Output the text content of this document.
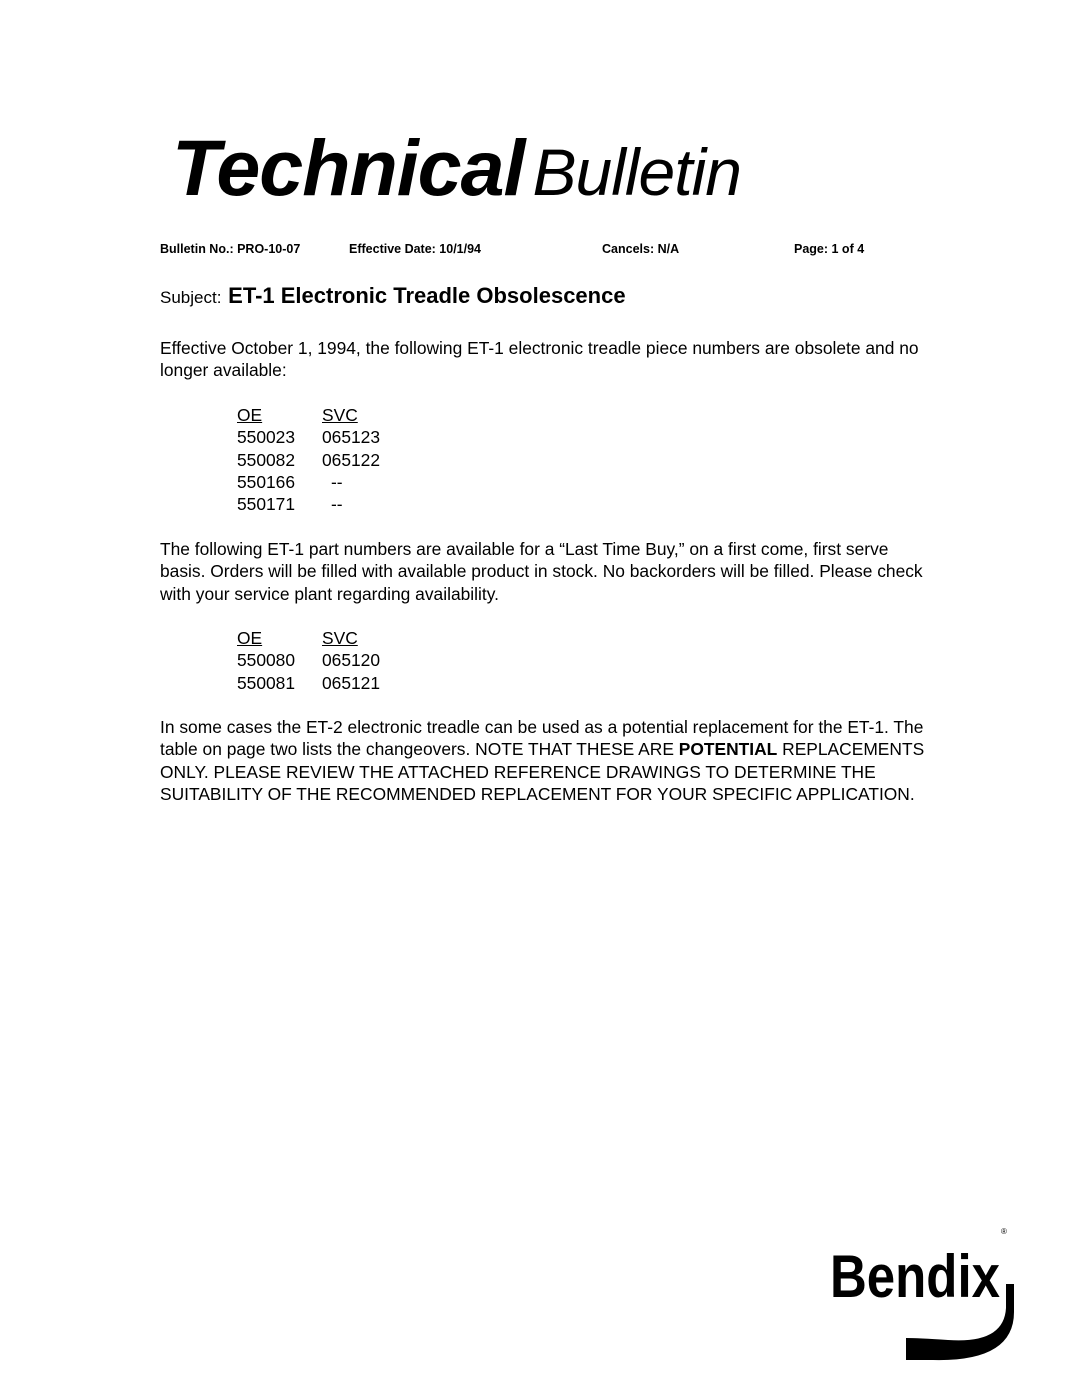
Technical Bulletin
Bulletin No.: PRO-10-07	Effective Date: 10/1/94	Cancels: N/A	Page: 1 of 4
Subject: ET-1 Electronic Treadle Obsolescence

Effective October 1, 1994, the following ET-1 electronic treadle piece numbers are obsolete and no longer available:

OE	SVC
550023	065123
550082	065122
550166	--
550171	--

The following ET-1 part numbers are available for a “Last Time Buy,” on a first come, first serve basis. Orders will be filled with available product in stock. No backorders will be filled. Please check with your service plant regarding availability.

OE	SVC
550080	065120
550081	065121

In some cases the ET-2 electronic treadle can be used as a potential replacement for the ET-1. The table on page two lists the changeovers. NOTE THAT THESE ARE POTENTIAL REPLACEMENTS ONLY. PLEASE REVIEW THE ATTACHED REFERENCE DRAWINGS TO DETERMINE THE SUITABILITY OF THE RECOMMENDED REPLACEMENT FOR YOUR SPECIFIC APPLICATION.

Bendix
®
